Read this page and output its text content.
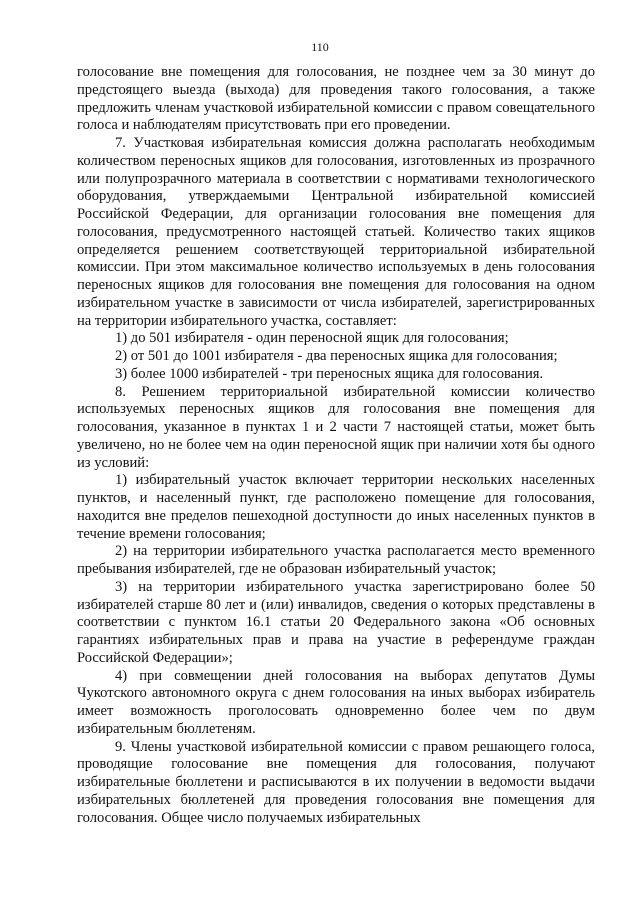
110

голосование вне помещения для голосования, не позднее чем за 30 минут до предстоящего выезда (выхода) для проведения такого голосования, а также предложить членам участковой избирательной комиссии с правом совещательного голоса и наблюдателям присутствовать при его проведении.

7. Участковая избирательная комиссия должна располагать необходимым количеством переносных ящиков для голосования, изготовленных из прозрачного или полупрозрачного материала в соответствии с нормативами технологического оборудования, утверждаемыми Центральной избирательной комиссией Российской Федерации, для организации голосования вне помещения для голосования, предусмотренного настоящей статьей. Количество таких ящиков определяется решением соответствующей территориальной избирательной комиссии. При этом максимальное количество используемых в день голосования переносных ящиков для голосования вне помещения для голосования на одном избирательном участке в зависимости от числа избирателей, зарегистрированных на территории избирательного участка, составляет:

1) до 501 избирателя - один переносной ящик для голосования;

2) от 501 до 1001 избирателя - два переносных ящика для голосования;

3) более 1000 избирателей - три переносных ящика для голосования.

8. Решением территориальной избирательной комиссии количество используемых переносных ящиков для голосования вне помещения для голосования, указанное в пунктах 1 и 2 части 7 настоящей статьи, может быть увеличено, но не более чем на один переносной ящик при наличии хотя бы одного из условий:

1) избирательный участок включает территории нескольких населенных пунктов, и населенный пункт, где расположено помещение для голосования, находится вне пределов пешеходной доступности до иных населенных пунктов в течение времени голосования;

2) на территории избирательного участка располагается место временного пребывания избирателей, где не образован избирательный участок;

3) на территории избирательного участка зарегистрировано более 50 избирателей старше 80 лет и (или) инвалидов, сведения о которых представлены в соответствии с пунктом 16.1 статьи 20 Федерального закона «Об основных гарантиях избирательных прав и права на участие в референдуме граждан Российской Федерации»;

4) при совмещении дней голосования на выборах депутатов Думы Чукотского автономного округа с днем голосования на иных выборах избиратель имеет возможность проголосовать одновременно более чем по двум избирательным бюллетеням.

9. Члены участковой избирательной комиссии с правом решающего голоса, проводящие голосование вне помещения для голосования, получают избирательные бюллетени и расписываются в их получении в ведомости выдачи избирательных бюллетеней для проведения голосования вне помещения для голосования. Общее число получаемых избирательных
